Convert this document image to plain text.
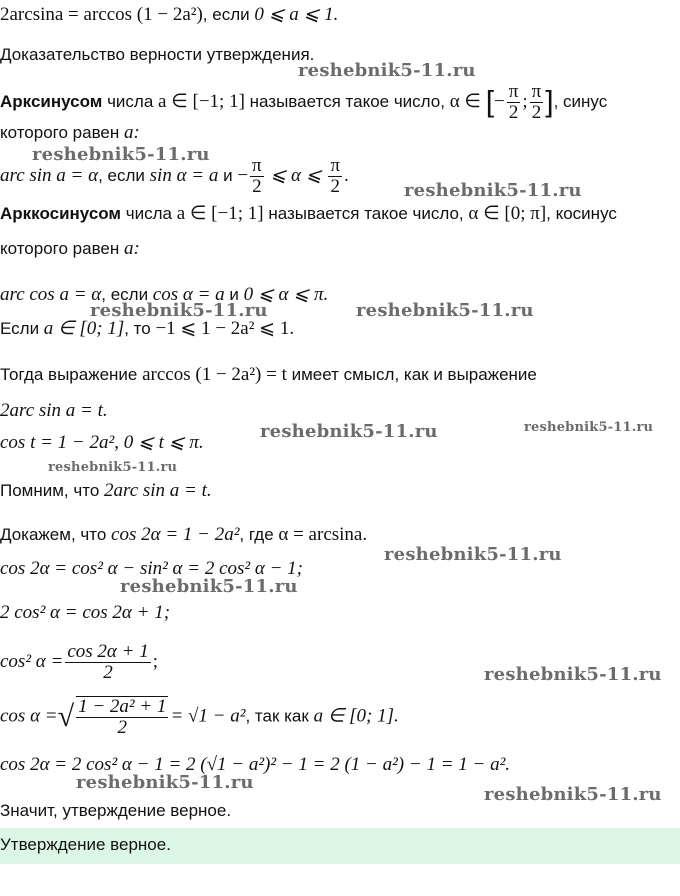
2arcsina = arccos (1 − 2a²), если 0 ⩽ a ⩽ 1.
Доказательство верности утверждения.
Арксинусом числа a ∈ [−1; 1] называется такое число, α ∈ [− $\frac{\pi}{2}$ ; $\frac{\pi}{2}$ ], синус
которого равен a:
arc sin a = α, если sin α = a $и - \frac{\pi}{2}$ ⩽ α ⩽ $\frac{\pi}{2}$ .
Арккосинусом числа a ∈ [−1; 1] называется такое число, α ∈ [0; π], косинус
которого равен a:
arc cos a = α, если cos α = a и 0 ⩽ α ⩽ π.
Если a ∈ [0; 1], то −1 ⩽ 1 − 2a² ⩽ 1.
Тогда выражение arccos (1 − 2a²) = t имеет смысл, как и выражение
2arc sin a = t.
cos t = 1 − 2a², 0 ⩽ t ⩽ π.
Помним, что 2arc sin a = t.
Докажем, что cos 2α = 1 − 2a², где α = arcsina.
cos 2α = cos² α − sin² α = 2 cos² α − 1;
2 cos² α = cos 2α + 1;
cos² $\alpha = \frac{\cos 2\alpha + 1}{2}$ ;
cos α =√ $\frac{\text{1 − 2a² + 1}}{2} = √1 - a^2$, так как a ∈ [0; 1].
cos 2α = 2 cos² α − 1 = 2 (√1 − a²)² − 1 = 2 (1 − a²) − 1 = 1 − a².
Значит, утверждение верное.
Утверждение верное.
reshebnik5-11.ru
reshebnik5-11.ru
reshebnik5-11.ru
reshebnik5-11.ru	reshebnik5-11.ru
reshebnik5-11.ru	reshebnik5-11.ru
reshebnik5-11.ru
reshebnik5-11.ru
reshebnik5-11.ru
reshebnik5-11.ru
reshebnik5-11.ru
reshebnik5-11.ru
